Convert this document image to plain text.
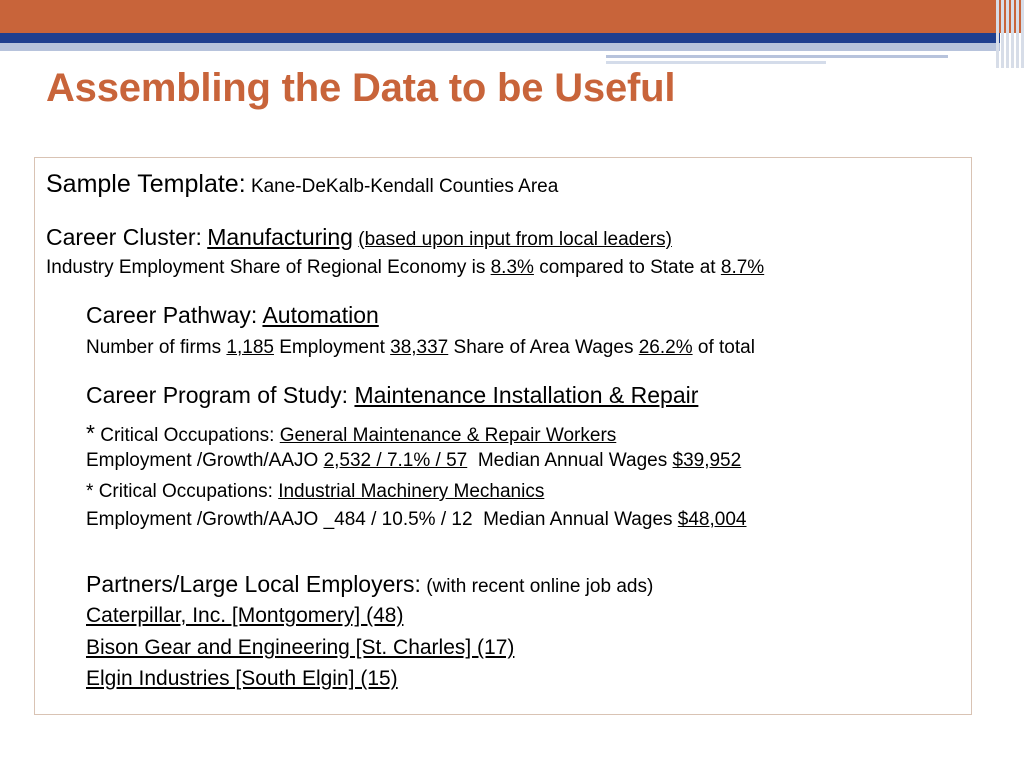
Assembling the Data to be Useful
Sample Template: Kane-DeKalb-Kendall Counties Area
Career Cluster: Manufacturing (based upon input from local leaders)
Industry Employment Share of Regional Economy is 8.3% compared to State at 8.7%
Career Pathway: Automation
Number of firms 1,185 Employment 38,337 Share of Area Wages 26.2% of total
Career Program of Study: Maintenance Installation & Repair
* Critical Occupations: General Maintenance & Repair Workers
Employment /Growth/AAJO 2,532 / 7.1% / 57 Median Annual Wages $39,952
* Critical Occupations: Industrial Machinery Mechanics
Employment /Growth/AAJO _484 / 10.5% / 12 Median Annual Wages $48,004
Partners/Large Local Employers: (with recent online job ads)
Caterpillar, Inc. [Montgomery] (48)
Bison Gear and Engineering [St. Charles] (17)
Elgin Industries [South Elgin] (15)
